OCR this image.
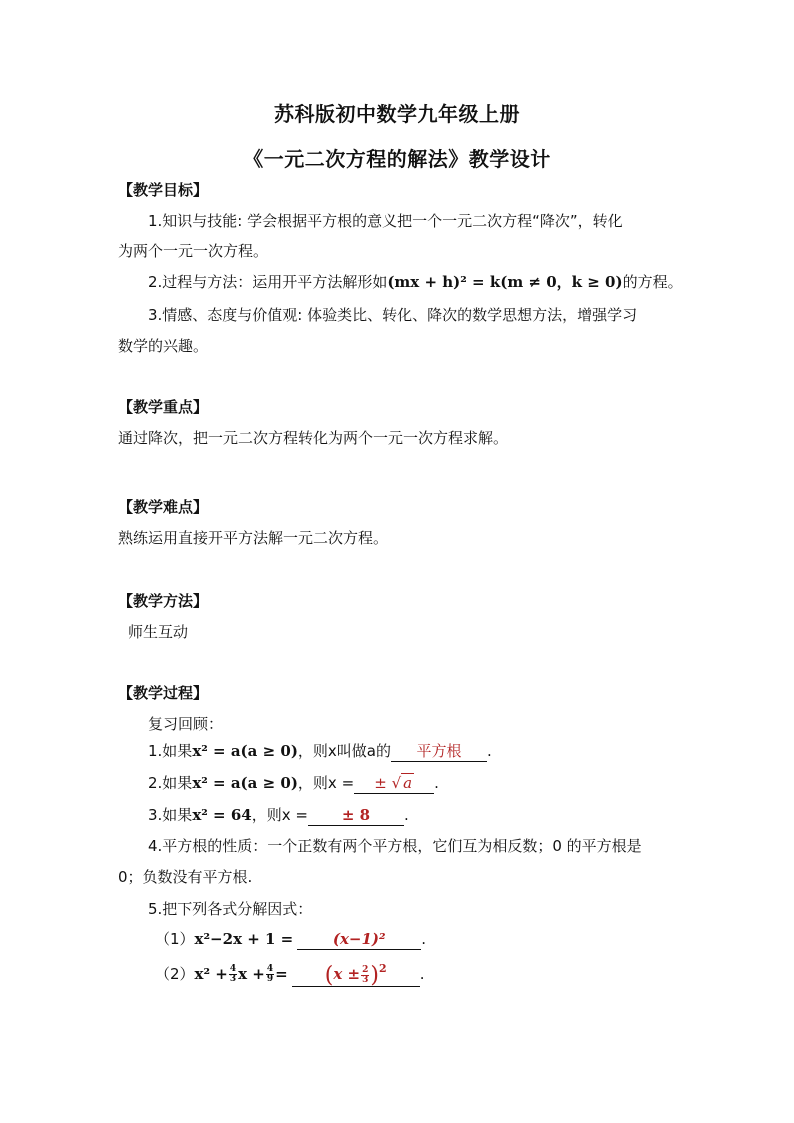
苏科版初中数学九年级上册
《一元二次方程的解法》教学设计
【教学目标】
1.知识与技能: 学会根据平方根的意义把一个一元二次方程“降次”，转化
为两个一元一次方程。
2.过程与方法：运用开平方法解形如(mx + h)² = k(m ≠ 0，k ≥ 0)的方程。
3.情感、态度与价值观: 体验类比、转化、降次的数学思想方法，增强学习
数学的兴趣。
【教学重点】
通过降次，把一元二次方程转化为两个一元一次方程求解。
【教学难点】
熟练运用直接开平方法解一元二次方程。
【教学方法】
师生互动
【教学过程】
复习回顾：
1.如果x² = a(a ≥ 0)，则x叫做a的 平方根 .
2.如果x² = a(a ≥ 0)，则x = ± √ a .
3.如果x² = 64，则x = ± 8 .
4.平方根的性质：一个正数有两个平方根，它们互为相反数；0 的平方根是
0；负数没有平方根.
5.把下列各式分解因式：
（1）x²−2x + 1 =	(x−1)² .
$(2)x^2 + \frac{4}{3}$ $x + \frac{4}{9} = (x \pm \frac{2}{3} )^2$ .
